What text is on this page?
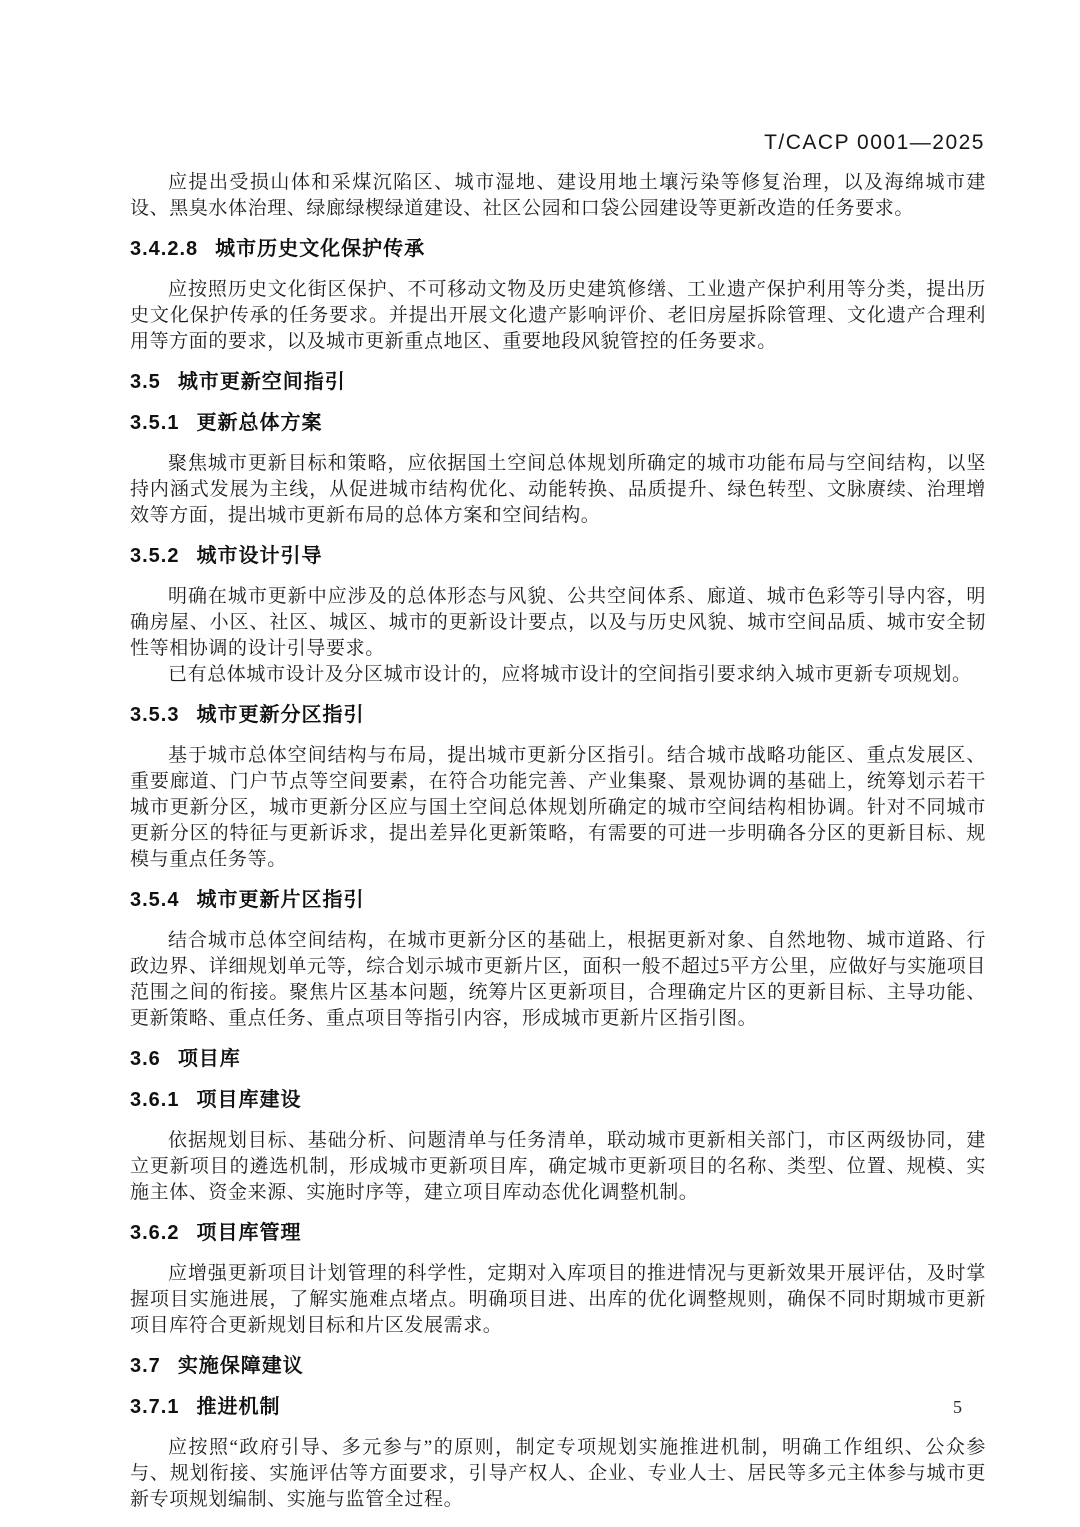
T/CACP 0001—2025
应提出受损山体和采煤沉陷区、城市湿地、建设用地土壤污染等修复治理，以及海绵城市建设、黑臭水体治理、绿廊绿楔绿道建设、社区公园和口袋公园建设等更新改造的任务要求。
3.4.2.8 城市历史文化保护传承
应按照历史文化街区保护、不可移动文物及历史建筑修缮、工业遗产保护利用等分类，提出历史文化保护传承的任务要求。并提出开展文化遗产影响评价、老旧房屋拆除管理、文化遗产合理利用等方面的要求，以及城市更新重点地区、重要地段风貌管控的任务要求。
3.5 城市更新空间指引
3.5.1 更新总体方案
聚焦城市更新目标和策略，应依据国土空间总体规划所确定的城市功能布局与空间结构，以坚持内涵式发展为主线，从促进城市结构优化、动能转换、品质提升、绿色转型、文脉赓续、治理增效等方面，提出城市更新布局的总体方案和空间结构。
3.5.2 城市设计引导
明确在城市更新中应涉及的总体形态与风貌、公共空间体系、廊道、城市色彩等引导内容，明确房屋、小区、社区、城区、城市的更新设计要点，以及与历史风貌、城市空间品质、城市安全韧性等相协调的设计引导要求。
已有总体城市设计及分区城市设计的，应将城市设计的空间指引要求纳入城市更新专项规划。
3.5.3 城市更新分区指引
基于城市总体空间结构与布局，提出城市更新分区指引。结合城市战略功能区、重点发展区、重要廊道、门户节点等空间要素，在符合功能完善、产业集聚、景观协调的基础上，统筹划示若干城市更新分区，城市更新分区应与国土空间总体规划所确定的城市空间结构相协调。针对不同城市更新分区的特征与更新诉求，提出差异化更新策略，有需要的可进一步明确各分区的更新目标、规模与重点任务等。
3.5.4 城市更新片区指引
结合城市总体空间结构，在城市更新分区的基础上，根据更新对象、自然地物、城市道路、行政边界、详细规划单元等，综合划示城市更新片区，面积一般不超过5平方公里，应做好与实施项目范围之间的衔接。聚焦片区基本问题，统筹片区更新项目，合理确定片区的更新目标、主导功能、更新策略、重点任务、重点项目等指引内容，形成城市更新片区指引图。
3.6 项目库
3.6.1 项目库建设
依据规划目标、基础分析、问题清单与任务清单，联动城市更新相关部门，市区两级协同，建立更新项目的遴选机制，形成城市更新项目库，确定城市更新项目的名称、类型、位置、规模、实施主体、资金来源、实施时序等，建立项目库动态优化调整机制。
3.6.2 项目库管理
应增强更新项目计划管理的科学性，定期对入库项目的推进情况与更新效果开展评估，及时掌握项目实施进展，了解实施难点堵点。明确项目进、出库的优化调整规则，确保不同时期城市更新项目库符合更新规划目标和片区发展需求。
3.7 实施保障建议
3.7.1 推进机制
应按照“政府引导、多元参与”的原则，制定专项规划实施推进机制，明确工作组织、公众参与、规划衔接、实施评估等方面要求，引导产权人、企业、专业人士、居民等多元主体参与城市更新专项规划编制、实施与监管全过程。
5
